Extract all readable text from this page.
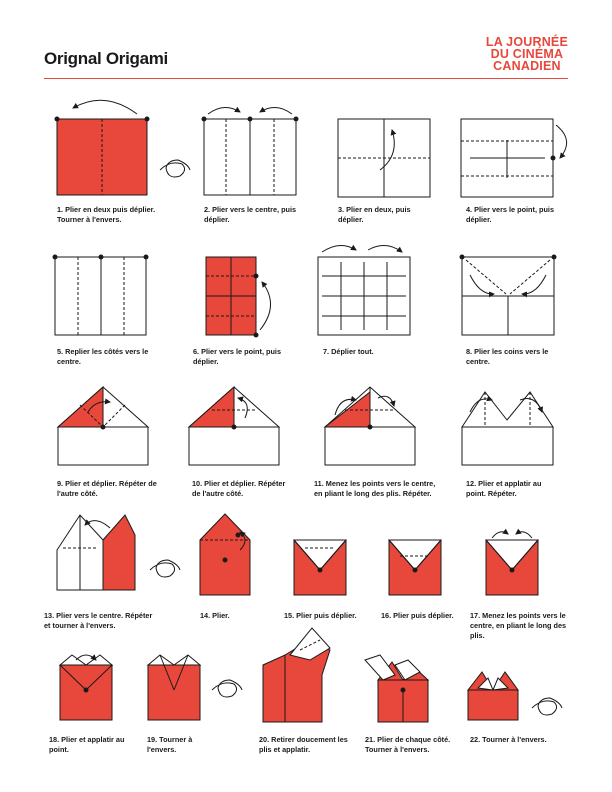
Orignal Origami
LA JOURNÉE
DU CINÉMA
CANADIEN
1. Plier en deux puis déplier. Tourner à l'envers.
2. Plier vers le centre, puis déplier.
3. Plier en deux, puis déplier.
4. Plier vers le point, puis déplier.
5. Replier les côtés vers le centre.
6. Plier vers le point, puis déplier.
7. Déplier tout.	8. Plier les coins vers le centre.
9. Plier et déplier. Répéter de l'autre côté.
10. Plier et déplier. Répéter de l'autre côté.
11. Menez les points vers le centre, en pliant le long des plis. Répéter.
12. Plier et applatir au point. Répéter.
13. Plier vers le centre. Répéter et tourner à l'envers.
14. Plier.	15. Plier puis déplier.	16. Plier puis déplier.	17. Menez les points vers le centre, en pliant le long des plis.
18. Plier et applatir au point.
19. Tourner à l'envers.
20. Retirer doucement les plis et applatir.
21. Plier de chaque côté. Tourner à l'envers.
22. Tourner à l'envers.
